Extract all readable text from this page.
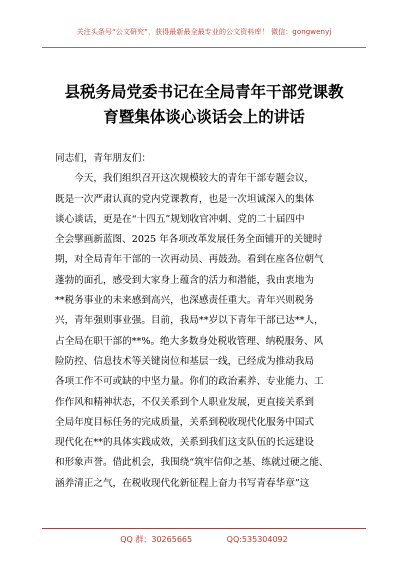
关注头条号“公文研究”，获得最新最全最专业的公文资料库！ 微信：gongwenyj
县税务局党委书记在全局青年干部党课教
育暨集体谈心谈话会上的讲话
同志们，青年朋友们：
　　今天，我们组织召开这次规模较大的青年干部专题会议，
既是一次严肃认真的党内党课教育，也是一次坦诚深入的集体
谈心谈话，更是在“十四五”规划收官冲刺、党的二十届四中
全会擘画新蓝图、2025 年各项改革发展任务全面铺开的关键时
期，对全局青年干部的一次再动员、再鼓劲。看到在座各位朝气
蓬勃的面孔，感受到大家身上蕴含的活力和潜能，我由衷地为
**税务事业的未来感到高兴，也深感责任重大。青年兴则税务
兴，青年强则事业强。目前，我局**岁以下青年干部已达**人，
占全局在职干部的**%。绝大多数身处税收管理、纳税服务、风
险防控、信息技术等关键岗位和基层一线，已经成为推动我局
各项工作不可或缺的中坚力量。你们的政治素养、专业能力、工
作作风和精神状态，不仅关系到个人职业发展，更直接关系到
全局年度目标任务的完成质量，关系到税收现代化服务中国式
现代化在**的具体实践成效，关系到我们这支队伍的长远建设
和形象声誉。借此机会，我围绕“筑牢信仰之基、练就过硬之能、
涵养清正之气，在税收现代化新征程上奋力书写青春华章”这
QQ 群：30265665	QQ:535304092
